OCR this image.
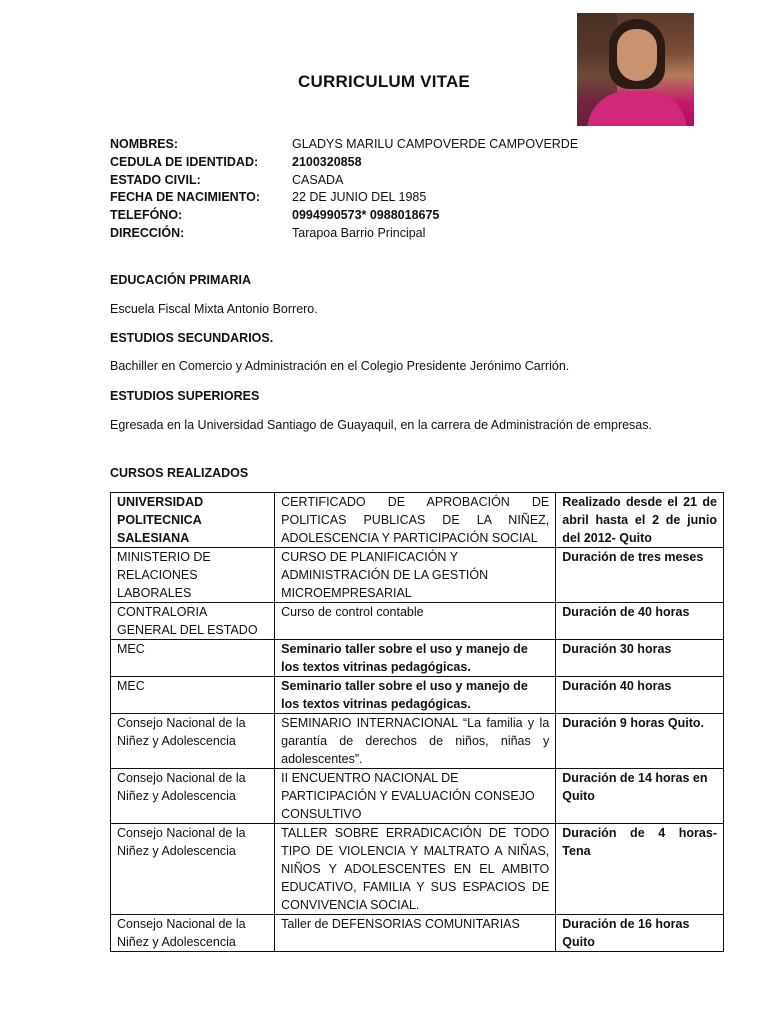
CURRICULUM VITAE
NOMBRES:	GLADYS MARILU CAMPOVERDE CAMPOVERDE
CEDULA DE IDENTIDAD:	2100320858
ESTADO CIVIL:	CASADA
FECHA DE NACIMIENTO:	22 DE JUNIO DEL 1985
TELEFÓNO:	0994990573* 0988018675
DIRECCIÓN:	Tarapoa Barrio Principal
EDUCACIÓN PRIMARIA
Escuela Fiscal Mixta Antonio Borrero.
ESTUDIOS SECUNDARIOS.
Bachiller en Comercio y Administración en el Colegio Presidente Jerónimo Carrión.
ESTUDIOS SUPERIORES
Egresada en la Universidad Santiago de Guayaquil, en la carrera de Administración de empresas.
CURSOS REALIZADOS
UNIVERSIDAD POLITECNICA SALESIANA	CERTIFICADO DE APROBACIÓN DE POLITICAS PUBLICAS DE LA NIÑEZ, ADOLESCENCIA Y PARTICIPACIÓN SOCIAL	Realizado desde el 21 de abril hasta el 2 de junio del 2012- Quito
MINISTERIO DE RELACIONES LABORALES	CURSO DE PLANIFICACIÓN Y ADMINISTRACIÓN DE LA GESTIÓN MICROEMPRESARIAL	Duración de tres meses
CONTRALORIA GENERAL DEL ESTADO	Curso de control contable	Duración de 40 horas
MEC	Seminario taller sobre el uso y manejo de los textos vitrinas pedagógicas.	Duración 30 horas
MEC	Seminario taller sobre el uso y manejo de los textos vitrinas pedagógicas.	Duración 40 horas
Consejo Nacional de la Niñez y Adolescencia	SEMINARIO INTERNACIONAL “La familia y la garantía de derechos de niños, niñas y adolescentes”.	Duración 9 horas Quito.
Consejo Nacional de la Niñez y Adolescencia	II ENCUENTRO NACIONAL DE PARTICIPACIÓN Y EVALUACIÓN CONSEJO CONSULTIVO	Duración de 14 horas en Quito
Consejo Nacional de la Niñez y Adolescencia	TALLER SOBRE ERRADICACIÓN DE TODO TIPO DE VIOLENCIA Y MALTRATO A NIÑAS, NIÑOS Y ADOLESCENTES EN EL AMBITO EDUCATIVO, FAMILIA Y SUS ESPACIOS DE CONVIVENCIA SOCIAL.	Duración de 4 horas- Tena
Consejo Nacional de la Niñez y Adolescencia	Taller de DEFENSORIAS COMUNITARIAS	Duración de 16 horas Quito
